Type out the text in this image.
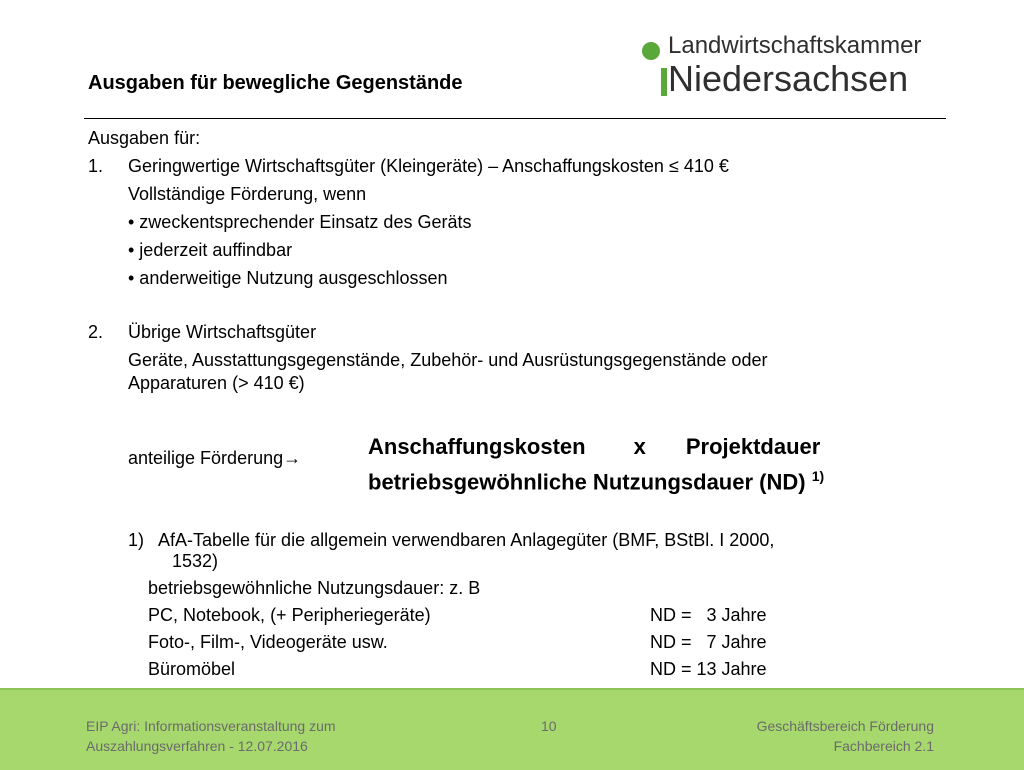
Landwirtschaftskammer
Niedersachsen
Ausgaben für bewegliche Gegenstände
Ausgaben für:
1. Geringwertige Wirtschaftsgüter (Kleingeräte) – Anschaffungskosten ≤ 410 €
Vollständige Förderung, wenn
• zweckentsprechender Einsatz des Geräts
• jederzeit auffindbar
• anderweitige Nutzung ausgeschlossen
2. Übrige Wirtschaftsgüter
Geräte, Ausstattungsgegenstände, Zubehör- und Ausrüstungsgegenstände oder
Apparaturen (> 410 €)
anteilige Förderung→	Anschaffungskosten x Projektdauer
betriebsgewöhnliche Nutzungsdauer (ND) $^{1)}$
1) AfA-Tabelle für die allgemein verwendbaren Anlagegüter (BMF, BStBl. I 2000,
1532)
betriebsgewöhnliche Nutzungsdauer: z. B
PC, Notebook, (+ Peripheriegeräte)	ND =   3 Jahre
Foto-, Film-, Videogeräte usw.	ND =   7 Jahre
Büromöbel	ND = 13 Jahre
EIP Agri: Informationsveranstaltung zum
Auszahlungsverfahren - 12.07.2016
10	Geschäftsbereich Förderung
Fachbereich 2.1
